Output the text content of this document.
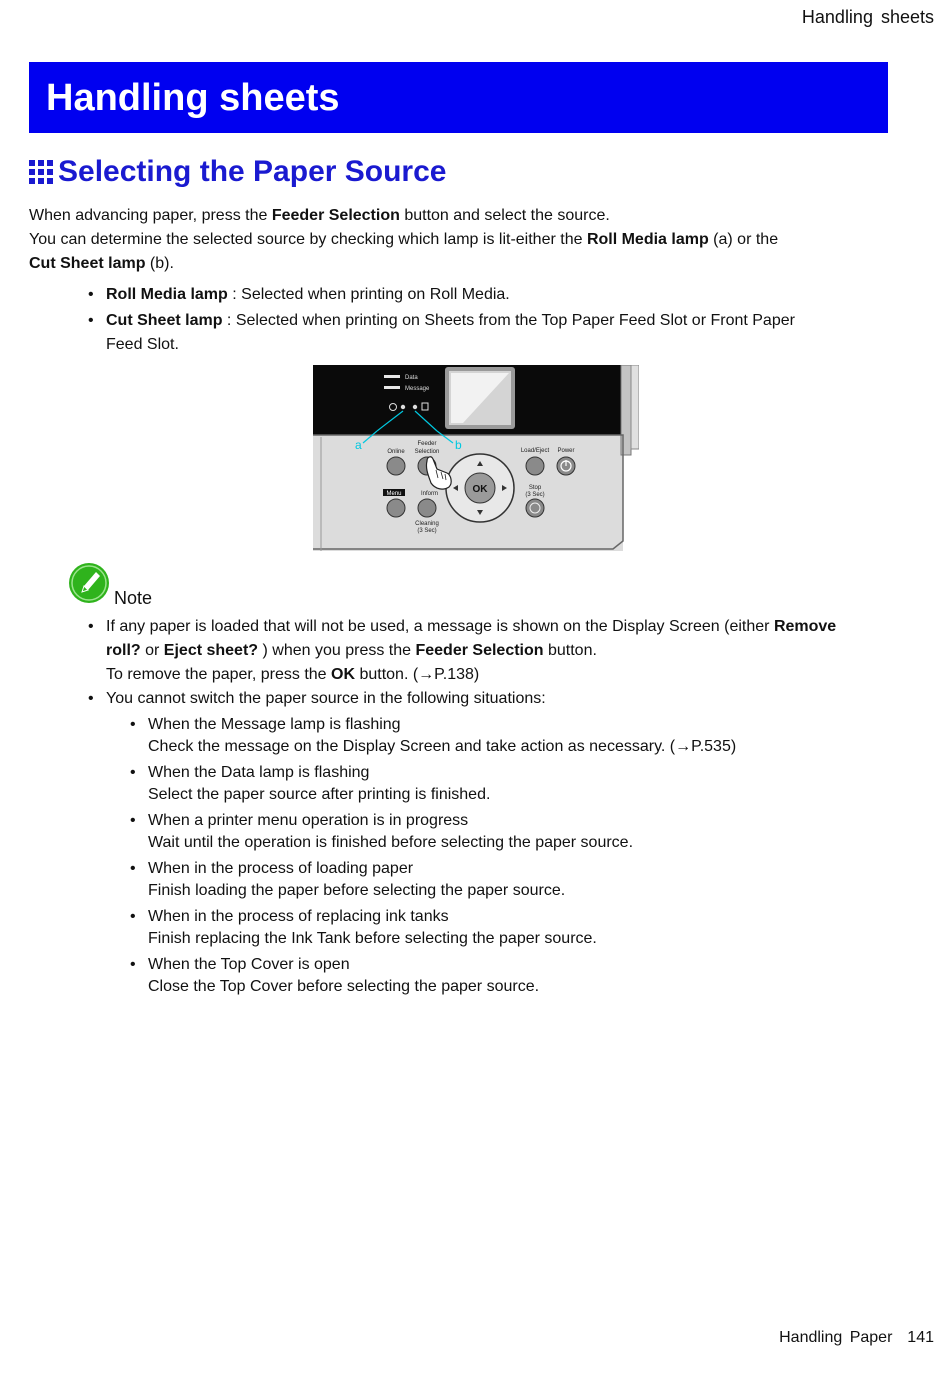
Handling sheets
Handling sheets
Selecting the Paper Source
When advancing paper, press the Feeder Selection button and select the source.
You can determine the selected source by checking which lamp is lit-either the Roll Media lamp (a) or the
Cut Sheet lamp (b).
• Roll Media lamp : Selected when printing on Roll Media.
• Cut Sheet lamp : Selected when printing on Sheets from the Top Paper Feed Slot or Front Paper
Feed Slot.
Data
Message
a	b
Online
Feeder
Selection	Load/Eject Power
Stop
(3 Sec)
Cleaning
(3 Sec)
Inform
Menu	OK
Note
• If any paper is loaded that will not be used, a message is shown on the Display Screen (either Remove
roll? or Eject sheet? ) when you press the Feeder Selection button.
To remove the paper, press the OK button. (→P.138)
• You cannot switch the paper source in the following situations:
• When the Message lamp is flashing
Check the message on the Display Screen and take action as necessary. (→P.535)
• When the Data lamp is flashing
Select the paper source after printing is finished.
• When a printer menu operation is in progress
Wait until the operation is finished before selecting the paper source.
• When in the process of loading paper
Finish loading the paper before selecting the paper source.
• When in the process of replacing ink tanks
Finish replacing the Ink Tank before selecting the paper source.
• When the Top Cover is open
Close the Top Cover before selecting the paper source.
Handling Paper 141
